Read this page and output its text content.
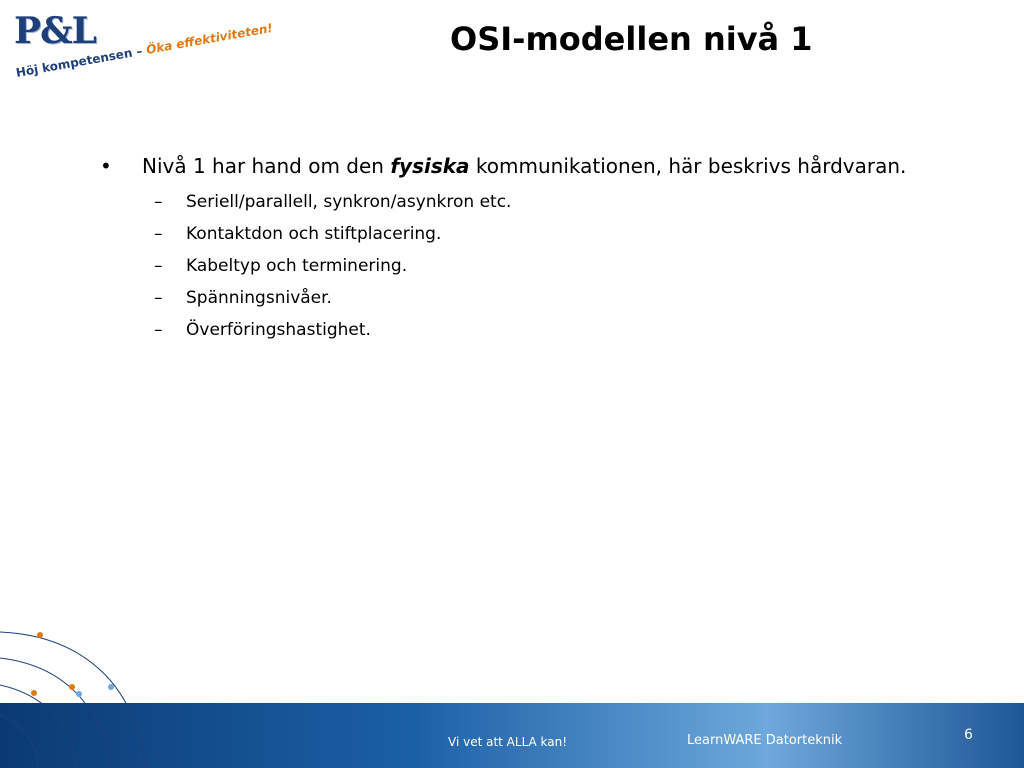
P&L
Höj kompetensen – Öka effektiviteten!	OSI-modellen nivå 1
• Nivå 1 har hand om den fysiska kommunikationen, här beskrivs hårdvaran.
– Seriell/parallell, synkron/asynkron etc.
– Kontaktdon och stiftplacering.
– Kabeltyp och terminering.
– Spänningsnivåer.
– Överföringshastighet.
Vi vet att ALLA kan!	LearnWARE Datorteknik	6
